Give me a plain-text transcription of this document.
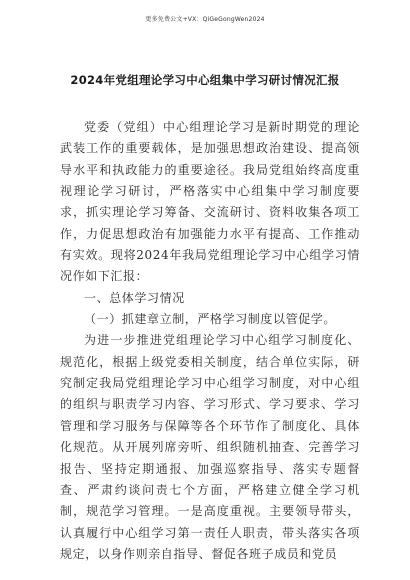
更多免费公文+VX：QiGeGongWen2024
2024年党组理论学习中心组集中学习研讨情况汇报

党委（党组）中心组理论学习是新时期党的理论武装工作的重要载体，是加强思想政治建设、提高领导水平和执政能力的重要途径。我局党组始终高度重视理论学习研讨，严格落实中心组集中学习制度要求，抓实理论学习筹备、交流研讨、资料收集各项工作，力促思想政治有加强能力水平有提高、工作推动有实效。现将2024年我局党组理论学习中心组学习情况作如下汇报：

一、总体学习情况

（一）抓建章立制，严格学习制度以管促学。

为进一步推进党组理论学习中心组学习制度化、规范化，根据上级党委相关制度，结合单位实际，研究制定我局党组理论学习中心组学习制度，对中心组的组织与职责学习内容、学习形式、学习要求、学习管理和学习服务与保障等各个环节作了制度化、具体化规范。从开展列席旁听、组织随机抽查、完善学习报告、坚持定期通报、加强巡察指导、落实专题督查、严肃约谈问责七个方面，严格建立健全学习机制，规范学习管理。一是高度重视。主要领导带头，认真履行中心组学习第一责任人职责，带头落实各项规定，以身作则亲自指导、督促各班子成员和党员
